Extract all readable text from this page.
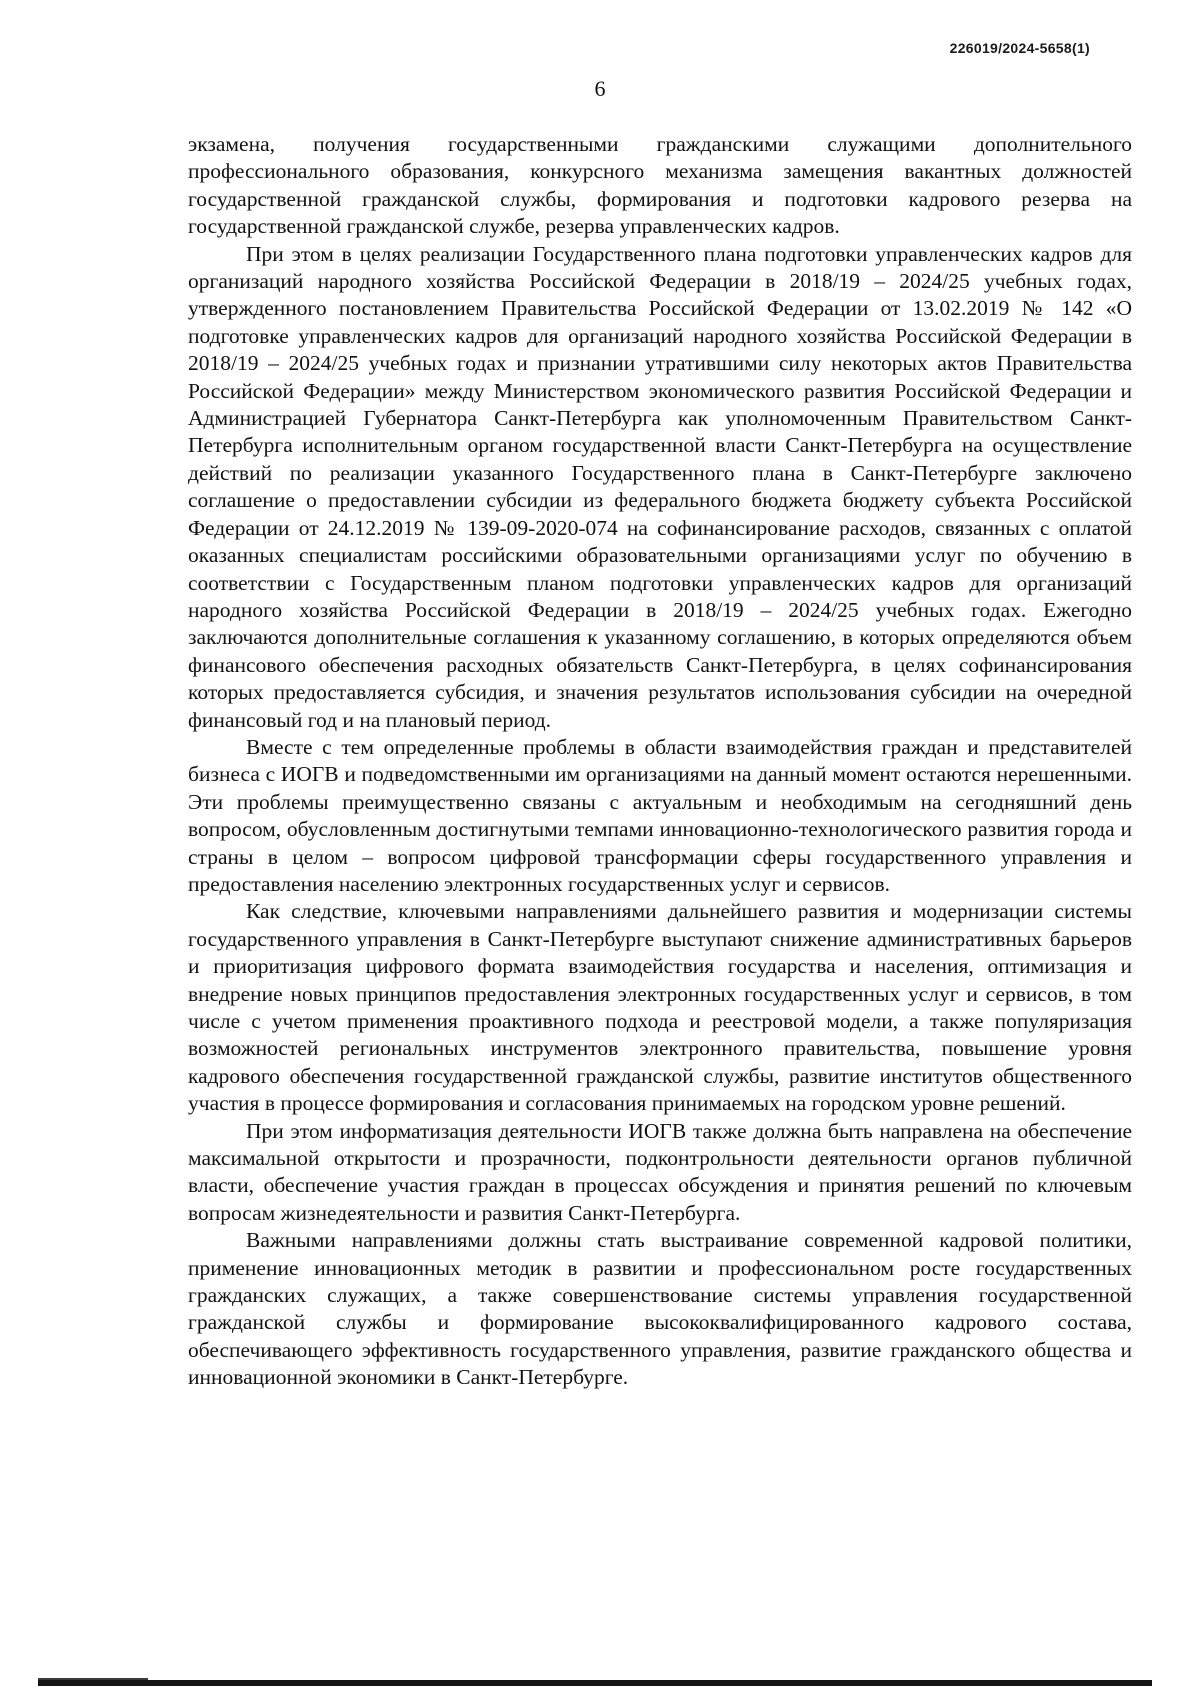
226019/2024-5658(1)
6

экзамена, получения государственными гражданскими служащими дополнительного профессионального образования, конкурсного механизма замещения вакантных должностей государственной гражданской службы, формирования и подготовки кадрового резерва на государственной гражданской службе, резерва управленческих кадров.

При этом в целях реализации Государственного плана подготовки управленческих кадров для организаций народного хозяйства Российской Федерации в 2018/19 – 2024/25 учебных годах, утвержденного постановлением Правительства Российской Федерации от 13.02.2019 № 142 «О подготовке управленческих кадров для организаций народного хозяйства Российской Федерации в 2018/19 – 2024/25 учебных годах и признании утратившими силу некоторых актов Правительства Российской Федерации» между Министерством экономического развития Российской Федерации и Администрацией Губернатора Санкт-Петербурга как уполномоченным Правительством Санкт-Петербурга исполнительным органом государственной власти Санкт-Петербурга на осуществление действий по реализации указанного Государственного плана в Санкт-Петербурге заключено соглашение о предоставлении субсидии из федерального бюджета бюджету субъекта Российской Федерации от 24.12.2019 № 139-09-2020-074 на софинансирование расходов, связанных с оплатой оказанных специалистам российскими образовательными организациями услуг по обучению в соответствии с Государственным планом подготовки управленческих кадров для организаций народного хозяйства Российской Федерации в 2018/19 – 2024/25 учебных годах. Ежегодно заключаются дополнительные соглашения к указанному соглашению, в которых определяются объем финансового обеспечения расходных обязательств Санкт-Петербурга, в целях софинансирования которых предоставляется субсидия, и значения результатов использования субсидии на очередной финансовый год и на плановый период.

Вместе с тем определенные проблемы в области взаимодействия граждан и представителей бизнеса с ИОГВ и подведомственными им организациями на данный момент остаются нерешенными. Эти проблемы преимущественно связаны с актуальным и необходимым на сегодняшний день вопросом, обусловленным достигнутыми темпами инновационно-технологического развития города и страны в целом – вопросом цифровой трансформации сферы государственного управления и предоставления населению электронных государственных услуг и сервисов.

Как следствие, ключевыми направлениями дальнейшего развития и модернизации системы государственного управления в Санкт-Петербурге выступают снижение административных барьеров и приоритизация цифрового формата взаимодействия государства и населения, оптимизация и внедрение новых принципов предоставления электронных государственных услуг и сервисов, в том числе с учетом применения проактивного подхода и реестровой модели, а также популяризация возможностей региональных инструментов электронного правительства, повышение уровня кадрового обеспечения государственной гражданской службы, развитие институтов общественного участия в процессе формирования и согласования принимаемых на городском уровне решений.

При этом информатизация деятельности ИОГВ также должна быть направлена на обеспечение максимальной открытости и прозрачности, подконтрольности деятельности органов публичной власти, обеспечение участия граждан в процессах обсуждения и принятия решений по ключевым вопросам жизнедеятельности и развития Санкт-Петербурга.

Важными направлениями должны стать выстраивание современной кадровой политики, применение инновационных методик в развитии и профессиональном росте государственных гражданских служащих, а также совершенствование системы управления государственной гражданской службы и формирование высококвалифицированного кадрового состава, обеспечивающего эффективность государственного управления, развитие гражданского общества и инновационной экономики в Санкт-Петербурге.
